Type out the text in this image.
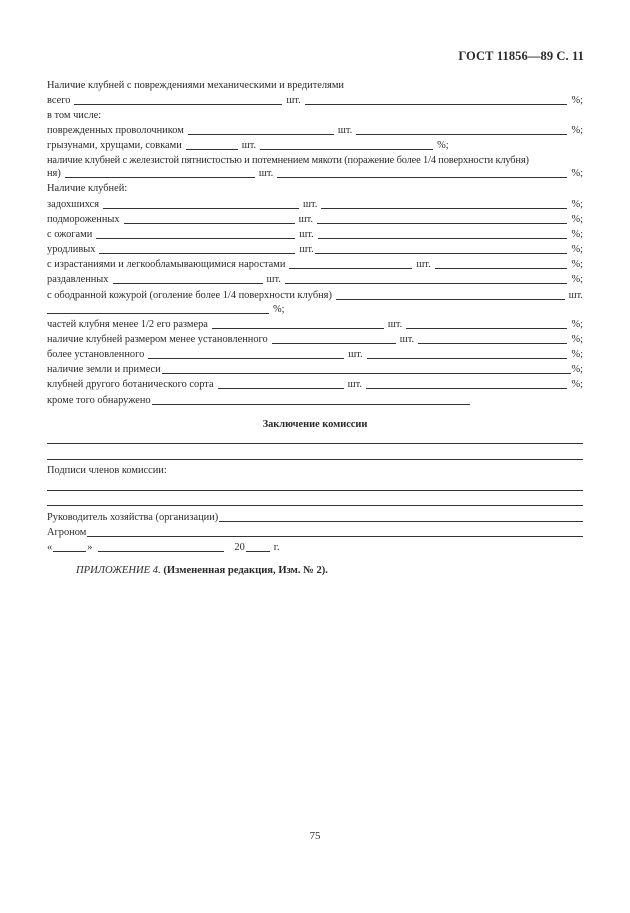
ГОСТ 11856—89 С. 11
Наличие клубней с повреждениями механическими и вредителями
всего	шт.	%;
в том числе:
поврежденных проволочником	шт.	%;
грызунами, хрущами, совками	шт.	%;
наличие клубней с железистой пятнистостью и потемнением мякоти (поражение более 1/4 поверхности клубня)
ня)	шт.	%;
Наличие клубней:
задохшихся	шт.	%;
подмороженных	шт.	%;
с ожогами	шт.	%;
уродливых	шт.	%;
с израстаниями и легкообламывающимися наростами	шт.	%;
раздавленных	шт.	%;
с ободранной кожурой (оголение более 1/4 поверхности клубня)	шт.
%;
частей клубня менее 1/2 его размера	шт.	%;
наличие клубней размером менее установленного	шт.	%;
более установленного	шт.	%;
наличие земли и примеси	%;
клубней другого ботанического сорта	шт.	%;
кроме того обнаружено
Заключение комиссии
Подписи членов комиссии:
Руководитель хозяйства (организации)
Агроном
«	»	20	г.
ПРИЛОЖЕНИЕ 4. (Измененная редакция, Изм. № 2).
75
